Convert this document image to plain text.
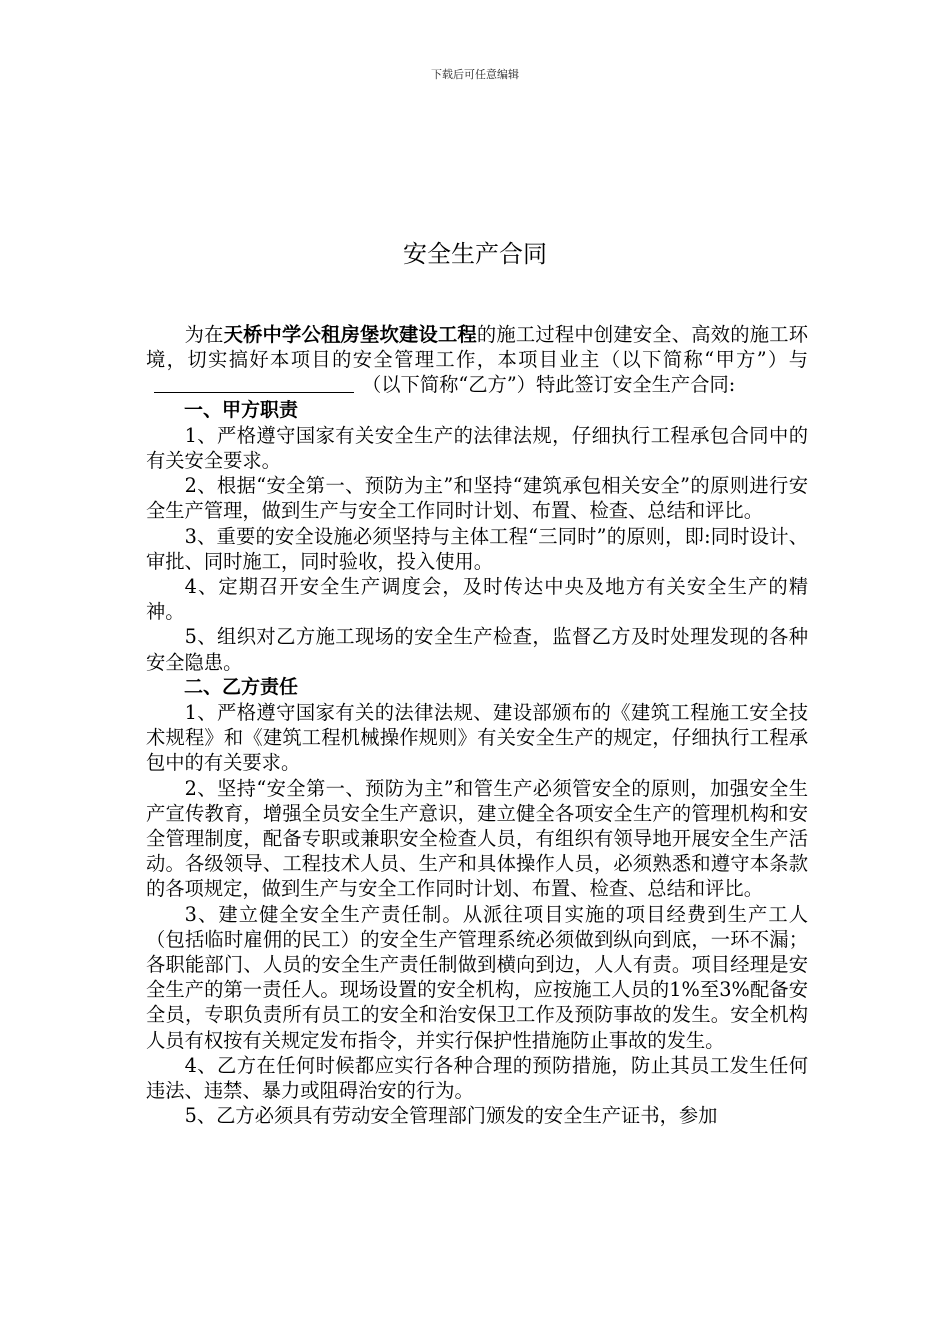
下载后可任意编辑
安全生产合同

为在天桥中学公租房堡坎建设工程的施工过程中创建安全、高效的施工环境，切实搞好本项目的安全管理工作，本项目业主（以下简称“甲方”）与（以下简称“乙方”）特此签订安全生产合同:

一、甲方职责

1、严格遵守国家有关安全生产的法律法规，仔细执行工程承包合同中的有关安全要求。

2、根据“安全第一、预防为主”和坚持“建筑承包相关安全”的原则进行安全生产管理，做到生产与安全工作同时计划、布置、检查、总结和评比。

3、重要的安全设施必须坚持与主体工程“三同时”的原则，即:同时设计、审批、同时施工，同时验收，投入使用。

4、定期召开安全生产调度会，及时传达中央及地方有关安全生产的精神。

5、组织对乙方施工现场的安全生产检查，监督乙方及时处理发现的各种安全隐患。

二、乙方责任

1、严格遵守国家有关的法律法规、建设部颁布的《建筑工程施工安全技术规程》和《建筑工程机械操作规则》有关安全生产的规定，仔细执行工程承包中的有关要求。

2、坚持“安全第一、预防为主”和管生产必须管安全的原则，加强安全生产宣传教育，增强全员安全生产意识，建立健全各项安全生产的管理机构和安全管理制度，配备专职或兼职安全检查人员，有组织有领导地开展安全生产活动。各级领导、工程技术人员、生产和具体操作人员，必须熟悉和遵守本条款的各项规定，做到生产与安全工作同时计划、布置、检查、总结和评比。

3、建立健全安全生产责任制。从派往项目实施的项目经费到生产工人（包括临时雇佣的民工）的安全生产管理系统必须做到纵向到底，一环不漏；各职能部门、人员的安全生产责任制做到横向到边，人人有责。项目经理是安全生产的第一责任人。现场设置的安全机构，应按施工人员的1%至3%配备安全员，专职负责所有员工的安全和治安保卫工作及预防事故的发生。安全机构人员有权按有关规定发布指令，并实行保护性措施防止事故的发生。

4、乙方在任何时候都应实行各种合理的预防措施，防止其员工发生任何违法、违禁、暴力或阻碍治安的行为。

5、乙方必须具有劳动安全管理部门颁发的安全生产证书，参加
